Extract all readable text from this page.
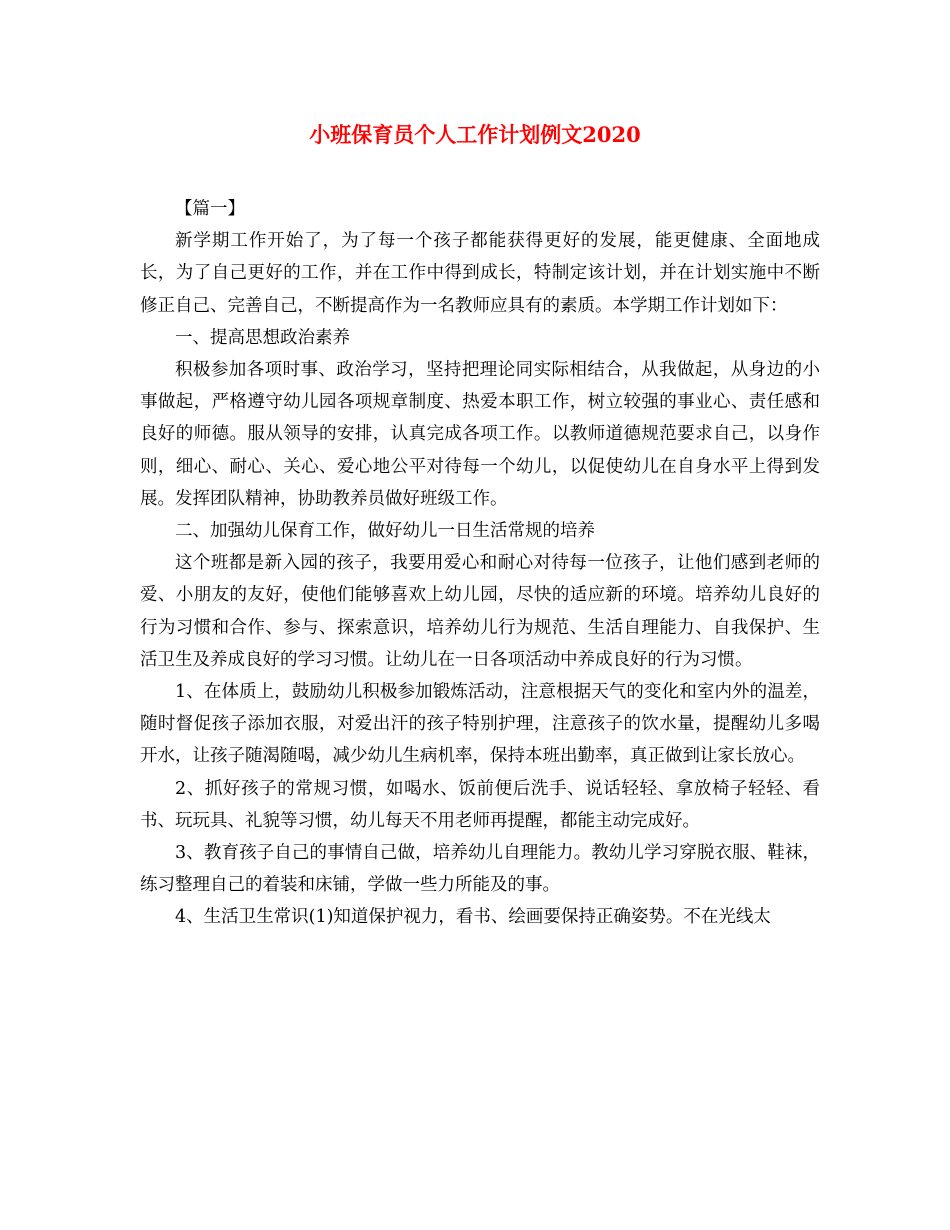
小班保育员个人工作计划例文2020

【篇一】

新学期工作开始了，为了每一个孩子都能获得更好的发展，能更健康、全面地成长，为了自己更好的工作，并在工作中得到成长，特制定该计划，并在计划实施中不断修正自己、完善自己，不断提高作为一名教师应具有的素质。本学期工作计划如下：

一、提高思想政治素养

积极参加各项时事、政治学习，坚持把理论同实际相结合，从我做起，从身边的小事做起，严格遵守幼儿园各项规章制度、热爱本职工作，树立较强的事业心、责任感和良好的师德。服从领导的安排，认真完成各项工作。以教师道德规范要求自己，以身作则，细心、耐心、关心、爱心地公平对待每一个幼儿，以促使幼儿在自身水平上得到发展。发挥团队精神，协助教养员做好班级工作。

二、加强幼儿保育工作，做好幼儿一日生活常规的培养

这个班都是新入园的孩子，我要用爱心和耐心对待每一位孩子，让他们感到老师的爱、小朋友的友好，使他们能够喜欢上幼儿园，尽快的适应新的环境。培养幼儿良好的行为习惯和合作、参与、探索意识，培养幼儿行为规范、生活自理能力、自我保护、生活卫生及养成良好的学习习惯。让幼儿在一日各项活动中养成良好的行为习惯。

1、在体质上，鼓励幼儿积极参加锻炼活动，注意根据天气的变化和室内外的温差，随时督促孩子添加衣服，对爱出汗的孩子特别护理，注意孩子的饮水量，提醒幼儿多喝开水，让孩子随渴随喝，减少幼儿生病机率，保持本班出勤率，真正做到让家长放心。

2、抓好孩子的常规习惯，如喝水、饭前便后洗手、说话轻轻、拿放椅子轻轻、看书、玩玩具、礼貌等习惯，幼儿每天不用老师再提醒，都能主动完成好。

3、教育孩子自己的事情自己做，培养幼儿自理能力。教幼儿学习穿脱衣服、鞋袜，练习整理自己的着装和床铺，学做一些力所能及的事。

4、生活卫生常识(1)知道保护视力，看书、绘画要保持正确姿势。不在光线太
